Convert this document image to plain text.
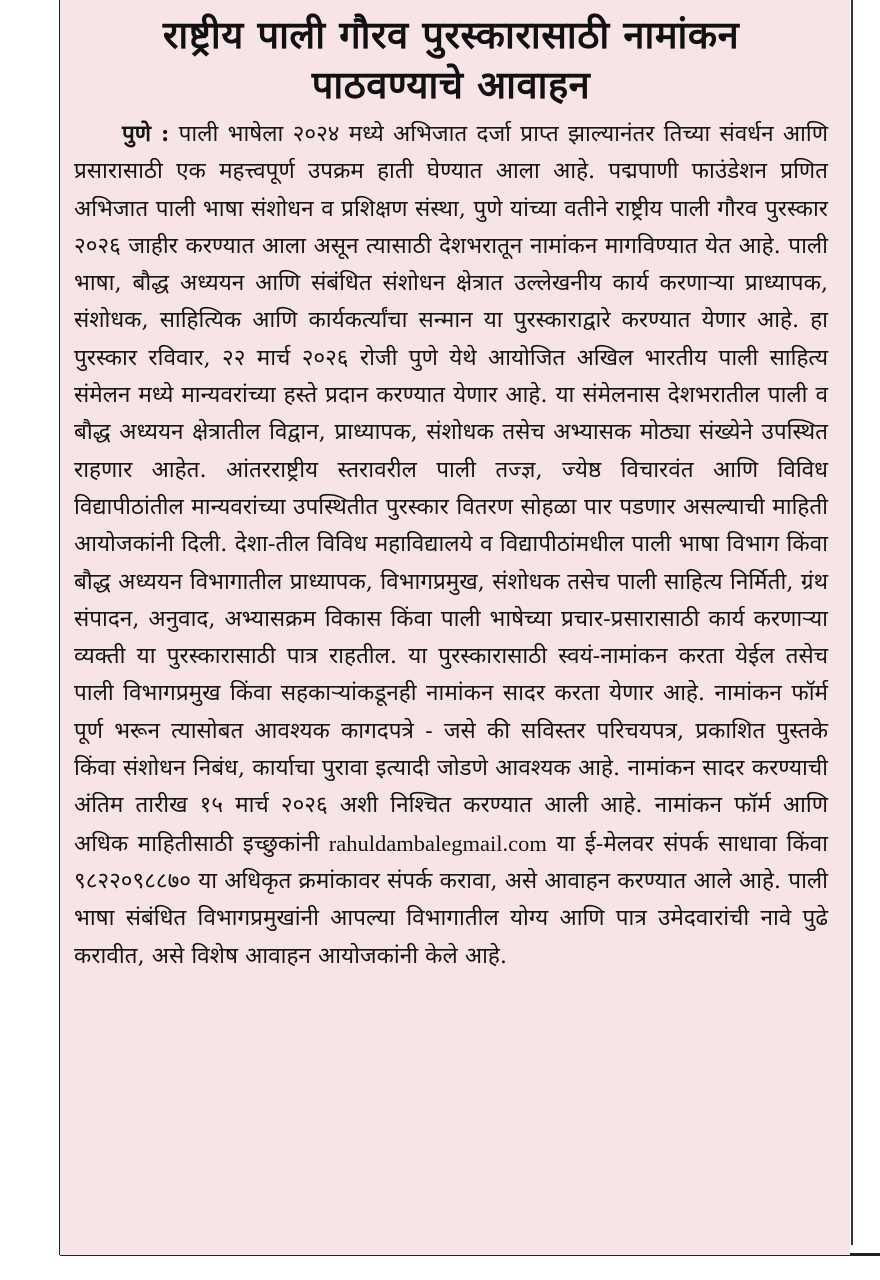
राष्ट्रीय पाली गौरव पुरस्कारासाठी नामांकन
पाठवण्याचे आवाहन
पुणे : पाली भाषेला २०२४ मध्ये अभिजात दर्जा प्राप्त झाल्यानंतर तिच्या संवर्धन आणि प्रसारासाठी एक महत्त्वपूर्ण उपक्रम हाती घेण्यात आला आहे. पद्मपाणी फाउंडेशन प्रणित अभिजात पाली भाषा संशोधन व प्रशिक्षण संस्था, पुणे यांच्या वतीने राष्ट्रीय पाली गौरव पुरस्कार २०२६ जाहीर करण्यात आला असून त्यासाठी देशभरातून नामांकन मागविण्यात येत आहे. पाली भाषा, बौद्ध अध्ययन आणि संबंधित संशोधन क्षेत्रात उल्लेखनीय कार्य करणाऱ्या प्राध्यापक, संशोधक, साहित्यिक आणि कार्यकर्त्यांचा सन्मान या पुरस्काराद्वारे करण्यात येणार आहे. हा पुरस्कार रविवार, २२ मार्च २०२६ रोजी पुणे येथे आयोजित अखिल भारतीय पाली साहित्य संमेलन मध्ये मान्यवरांच्या हस्ते प्रदान करण्यात येणार आहे. या संमेलनास देशभरातील पाली व बौद्ध अध्ययन क्षेत्रातील विद्वान, प्राध्यापक, संशोधक तसेच अभ्यासक मोठ्या संख्येने उपस्थित राहणार आहेत. आंतरराष्ट्रीय स्तरावरील पाली तज्ज्ञ, ज्येष्ठ विचारवंत आणि विविध विद्यापीठांतील मान्यवरांच्या उपस्थितीत पुरस्कार वितरण सोहळा पार पडणार असल्याची माहिती आयोजकांनी दिली. देशा-तील विविध महाविद्यालये व विद्यापीठांमधील पाली भाषा विभाग किंवा बौद्ध अध्ययन विभागातील प्राध्यापक, विभागप्रमुख, संशोधक तसेच पाली साहित्य निर्मिती, ग्रंथ संपादन, अनुवाद, अभ्यासक्रम विकास किंवा पाली भाषेच्या प्रचार-प्रसारासाठी कार्य करणाऱ्या व्यक्ती या पुरस्कारासाठी पात्र राहतील. या पुरस्कारासाठी स्वयं-नामांकन करता येईल तसेच पाली विभागप्रमुख किंवा सहकाऱ्यांकडूनही नामांकन सादर करता येणार आहे. नामांकन फॉर्म पूर्ण भरून त्यासोबत आवश्यक कागदपत्रे - जसे की सविस्तर परिचयपत्र, प्रकाशित पुस्तके किंवा संशोधन निबंध, कार्याचा पुरावा इत्यादी जोडणे आवश्यक आहे. नामांकन सादर करण्याची अंतिम तारीख १५ मार्च २०२६ अशी निश्चित करण्यात आली आहे. नामांकन फॉर्म आणि अधिक माहितीसाठी इच्छुकांनी rahuldambalegmail.com या ई-मेलवर संपर्क साधावा किंवा ९८२२०९८८७० या अधिकृत क्रमांकावर संपर्क करावा, असे आवाहन करण्यात आले आहे. पाली भाषा संबंधित विभागप्रमुखांनी आपल्या विभागातील योग्य आणि पात्र उमेदवारांची नावे पुढे करावीत, असे विशेष आवाहन आयोजकांनी केले आहे.
